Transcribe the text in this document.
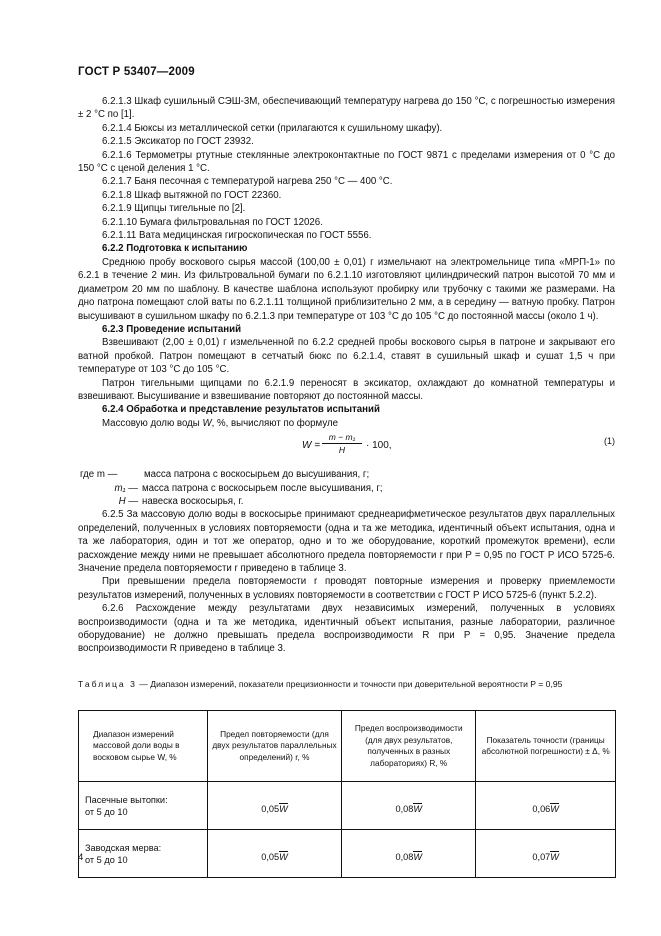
ГОСТ Р 53407—2009

6.2.1.3 Шкаф сушильный СЭШ-3М, обеспечивающий температуру нагрева до 150 °С, с погрешностью измерения ± 2 °С по [1].

6.2.1.4 Бюксы из металлической сетки (прилагаются к сушильному шкафу).

6.2.1.5 Эксикатор по ГОСТ 23932.

6.2.1.6 Термометры ртутные стеклянные электроконтактные по ГОСТ 9871 с пределами измерения от 0 °С до 150 °С с ценой деления 1 °С.

6.2.1.7 Баня песочная с температурой нагрева 250 °С — 400 °С.

6.2.1.8 Шкаф вытяжной по ГОСТ 22360.

6.2.1.9 Щипцы тигельные по [2].

6.2.1.10 Бумага фильтровальная по ГОСТ 12026.

6.2.1.11 Вата медицинская гигроскопическая по ГОСТ 5556.

6.2.2 Подготовка к испытанию

Среднюю пробу воскового сырья массой (100,00 ± 0,01) г измельчают на электромельнице типа «МРП-1» по 6.2.1 в течение 2 мин. Из фильтровальной бумаги по 6.2.1.10 изготовляют цилиндрический патрон высотой 70 мм и диаметром 20 мм по шаблону. В качестве шаблона используют пробирку или трубочку с такими же размерами. На дно патрона помещают слой ваты по 6.2.1.11 толщиной приблизительно 2 мм, а в середину — ватную пробку. Патрон высушивают в сушильном шкафу по 6.2.1.3 при температуре от 103 °С до 105 °С до постоянной массы (около 1 ч).

6.2.3 Проведение испытаний

Взвешивают (2,00 ± 0,01) г измельченной по 6.2.2 средней пробы воскового сырья в патроне и закрывают его ватной пробкой. Патрон помещают в сетчатый бюкс по 6.2.1.4, ставят в сушильный шкаф и сушат 1,5 ч при температуре от 103 °С до 105 °С.

Патрон тигельными щипцами по 6.2.1.9 переносят в эксикатор, охлаждают до комнатной температуры и взвешивают. Высушивание и взвешивание повторяют до постоянной массы.

6.2.4 Обработка и представление результатов испытаний

Массовую долю воды W, %, вычисляют по формуле

$W = \frac{\text{m − m₁}}{H} \cdot 100$,	(1)
где m —	масса патрона с воскосырьем до высушивания, г;
m₁ — масса патрона с воскосырьем после высушивания, г;
H — навеска воскосырья, г.

6.2.5 За массовую долю воды в воскосырье принимают среднеарифметическое результатов двух параллельных определений, полученных в условиях повторяемости (одна и та же методика, идентичный объект испытания, одна и та же лаборатория, один и тот же оператор, одно и то же оборудование, короткий промежуток времени), если расхождение между ними не превышает абсолютного предела повторяемости r при P = 0,95 по ГОСТ Р ИСО 5725-6. Значение предела повторяемости r приведено в таблице 3.

При превышении предела повторяемости r проводят повторные измерения и проверку приемлемости результатов измерений, полученных в условиях повторяемости в соответствии с ГОСТ Р ИСО 5725-6 (пункт 5.2.2).

6.2.6 Расхождение между результатами двух независимых измерений, полученных в условиях воспроизводимости (одна и та же методика, идентичный объект испытания, разные лаборатории, различное оборудование) не должно превышать предела воспроизводимости R при P = 0,95. Значение предела воспроизводимости R приведено в таблице 3.

Таблица 3 — Диапазон измерений, показатели прецизионности и точности при доверительной вероятности P = 0,95
Диапазон измерений массовой доли воды в восковом сырье W, %	Предел повторяемости (для двух результатов параллельных определений) r, %	Предел воспроизводимости (для двух результатов, полученных в разных лабораториях) R, %	Показатель точности (границы абсолютной погрешности) ± Δ, %
Пасечные вытопки:
от 5 до 10	0,05W	0,08W	0,06W
Заводская мерва:
от 5 до 10	0,05W	0,08W	0,07W
4
